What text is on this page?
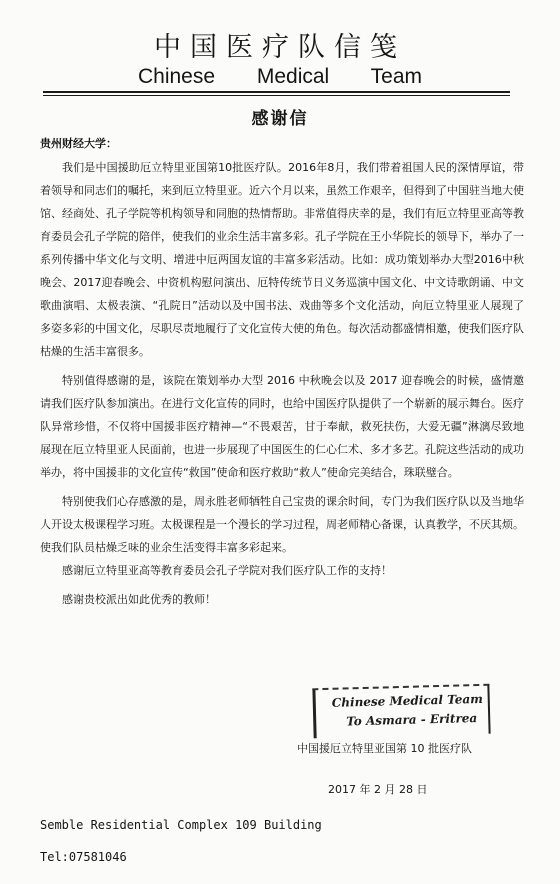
中国医疗队信笺
Chinese Medical Team
感谢信
贵州财经大学：

我们是中国援助厄立特里亚国第10批医疗队。2016年8月，我们带着祖国人民的深情厚谊，带着领导和同志们的嘱托，来到厄立特里亚。近六个月以来，虽然工作艰辛，但得到了中国驻当地大使馆、经商处、孔子学院等机构领导和同胞的热情帮助。非常值得庆幸的是，我们有厄立特里亚高等教育委员会孔子学院的陪伴，使我们的业余生活丰富多彩。孔子学院在王小华院长的领导下，举办了一系列传播中华文化与文明、增进中厄两国友谊的丰富多彩活动。比如：成功策划举办大型2016中秋晚会、2017迎春晚会、中资机构慰问演出、厄特传统节日义务巡演中国文化、中文诗歌朗诵、中文歌曲演唱、太极表演、“孔院日”活动以及中国书法、戏曲等多个文化活动，向厄立特里亚人展现了多姿多彩的中国文化，尽职尽责地履行了文化宣传大使的角色。每次活动都盛情相邀，使我们医疗队枯燥的生活丰富很多。

特别值得感谢的是，该院在策划举办大型 2016 中秋晚会以及 2017 迎春晚会的时候，盛情邀请我们医疗队参加演出。在进行文化宣传的同时，也给中国医疗队提供了一个崭新的展示舞台。医疗队异常珍惜，不仅将中国援非医疗精神—“不畏艰苦，甘于奉献，救死扶伤，大爱无疆”淋漓尽致地展现在厄立特里亚人民面前，也进一步展现了中国医生的仁心仁术、多才多艺。孔院这些活动的成功举办，将中国援非的文化宣传“救国”使命和医疗救助“救人”使命完美结合，珠联璧合。

特别使我们心存感激的是，周永胜老师牺牲自己宝贵的课余时间，专门为我们医疗队以及当地华人开设太极课程学习班。太极课程是一个漫长的学习过程，周老师精心备课，认真教学，不厌其烦。使我们队员枯燥乏味的业余生活变得丰富多彩起来。

感谢厄立特里亚高等教育委员会孔子学院对我们医疗队工作的支持！

感谢贵校派出如此优秀的教师！

Chinese Medical Team
To Asmara - Eritrea
中国援厄立特里亚国第 10 批医疗队
2017 年 2 月 28 日
Semble Residential Complex 109 Building
Tel:07581046
